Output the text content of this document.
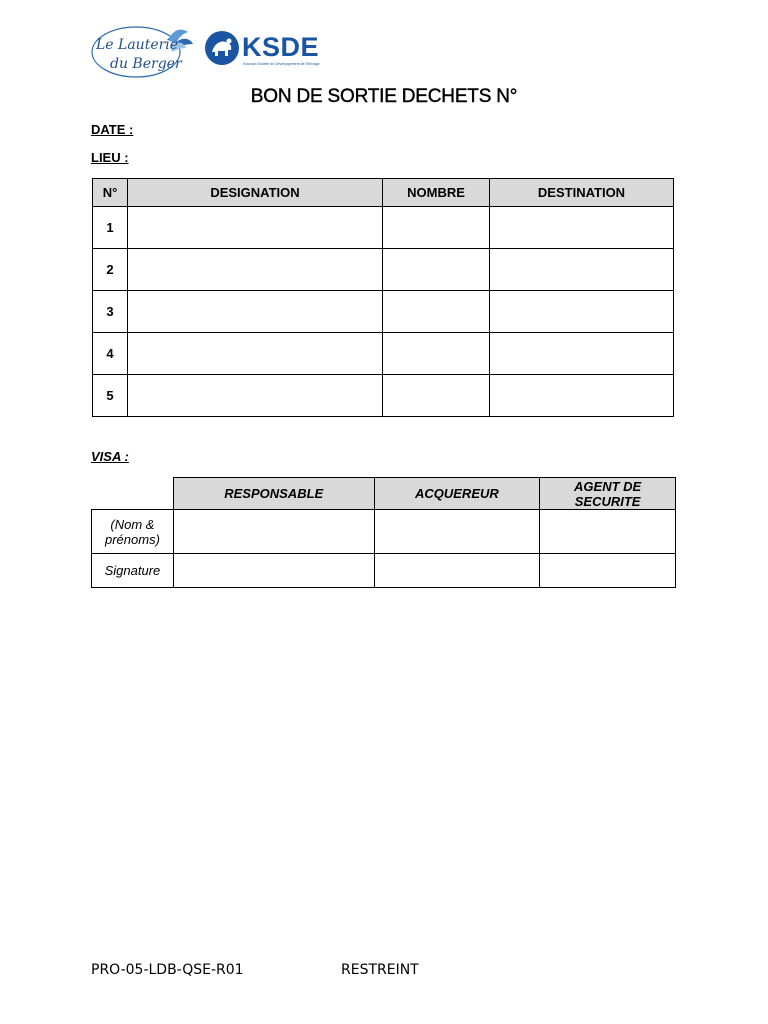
Le Lauterie
du Berger
KSDE
Koussan Société de Développement de l'Elevage
BON DE SORTIE DECHETS N°
DATE :
LIEU :
N°	DESIGNATION	NOMBRE	DESTINATION
1			
2			
3			
4			
5			
VISA :
	RESPONSABLE	ACQUEREUR	AGENT DE SECURITE
(Nom & prénoms)			
Signature			
PRO-05-LDB-QSE-R01	RESTREINT
